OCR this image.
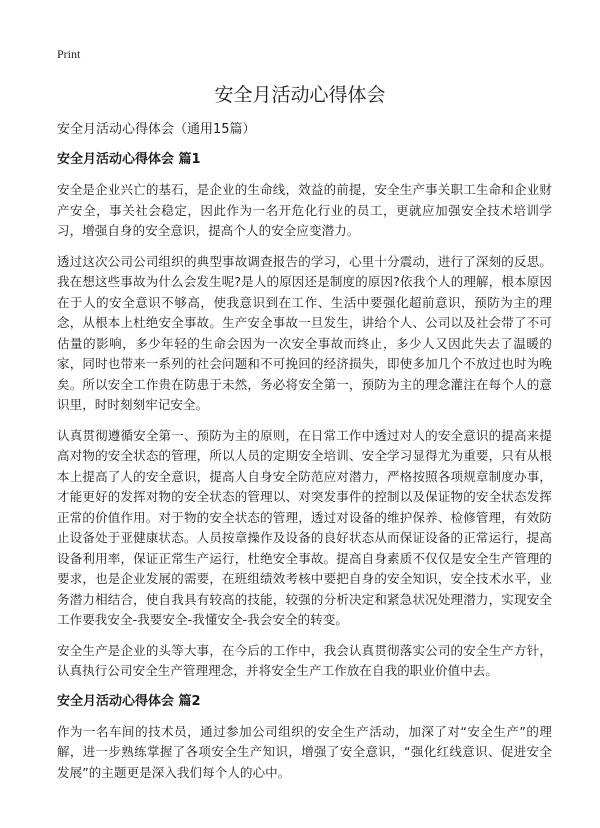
Print
安全月活动心得体会

安全月活动心得体会（通用15篇）

安全月活动心得体会 篇1

安全是企业兴亡的基石，是企业的生命线，效益的前提，安全生产事关职工生命和企业财产安全，事关社会稳定，因此作为一名开危化行业的员工，更就应加强安全技术培训学习，增强自身的安全意识，提高个人的安全应变潜力。

透过这次公司公司组织的典型事故调查报告的学习，心里十分震动，进行了深刻的反思。我在想这些事故为什么会发生呢?是人的原因还是制度的原因?依我个人的理解，根本原因在于人的安全意识不够高，使我意识到在工作、生活中要强化超前意识，预防为主的理念，从根本上杜绝安全事故。生产安全事故一旦发生，讲给个人、公司以及社会带了不可估量的影响，多少年轻的生命会因为一次安全事故而终止，多少人又因此失去了温暖的家，同时也带来一系列的社会问题和不可挽回的经济损失，即使多加几个不放过也时为晚矣。所以安全工作贵在防患于未然，务必将安全第一，预防为主的理念灌注在每个人的意识里，时时刻刻牢记安全。

认真贯彻遵循安全第一、预防为主的原则，在日常工作中透过对人的安全意识的提高来提高对物的安全状态的管理，所以人员的定期安全培训、安全学习显得尤为重要，只有从根本上提高了人的安全意识，提高人自身安全防范应对潜力，严格按照各项规章制度办事，才能更好的发挥对物的安全状态的管理以、对突发事件的控制以及保证物的安全状态发挥正常的价值作用。对于物的安全状态的管理，透过对设备的维护保养、检修管理，有效防止设备处于亚健康状态。人员按章操作及设备的良好状态从而保证设备的正常运行，提高设备利用率，保证正常生产运行，杜绝安全事故。提高自身素质不仅仅是安全生产管理的要求，也是企业发展的需要，在班组绩效考核中要把自身的安全知识，安全技术水平，业务潜力相结合，使自我具有较高的技能，较强的分析决定和紧急状况处理潜力，实现安全工作要我安全-我要安全-我懂安全-我会安全的转变。

安全生产是企业的头等大事，在今后的工作中，我会认真贯彻落实公司的安全生产方针，认真执行公司安全生产管理理念，并将安全生产工作放在自我的职业价值中去。

安全月活动心得体会 篇2

作为一名车间的技术员，通过参加公司组织的安全生产活动，加深了对“安全生产”的理解，进一步熟练掌握了各项安全生产知识，增强了安全意识，“强化红线意识、促进安全发展”的主题更是深入我们每个人的心中。
